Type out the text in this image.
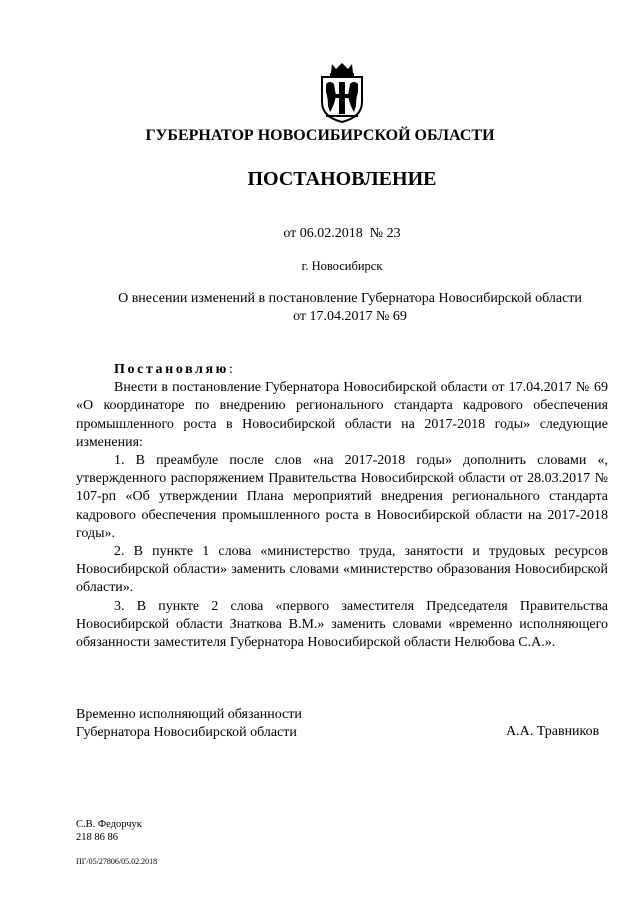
ГУБЕРНАТОР НОВОСИБИРСКОЙ ОБЛАСТИ
ПОСТАНОВЛЕНИЕ
от 06.02.2018  № 23
г. Новосибирск
О внесении изменений в постановление Губернатора Новосибирской области
от 17.04.2017 № 69
Постановляю:

Внести в постановление Губернатора Новосибирской области от 17.04.2017 № 69 «О координаторе по внедрению регионального стандарта кадрового обеспечения промышленного роста в Новосибирской области на 2017-2018 годы» следующие изменения:

1. В преамбуле после слов «на 2017-2018 годы» дополнить словами «, утвержденного распоряжением Правительства Новосибирской области от 28.03.2017 № 107-рп «Об утверждении Плана мероприятий внедрения регионального стандарта кадрового обеспечения промышленного роста в Новосибирской области на 2017-2018 годы».

2. В пункте 1 слова «министерство труда, занятости и трудовых ресурсов Новосибирской области» заменить словами «министерство образования Новосибирской области».

3. В пункте 2 слова «первого заместителя Председателя Правительства Новосибирской области Знаткова В.М.» заменить словами «временно исполняющего обязанности заместителя Губернатора Новосибирской области Нелюбова С.А.».

Временно исполняющий обязанности
Губернатора Новосибирской области	А.А. Травников
С.В. Федорчук
218 86 86
ПГ/05/27806/05.02.2018
